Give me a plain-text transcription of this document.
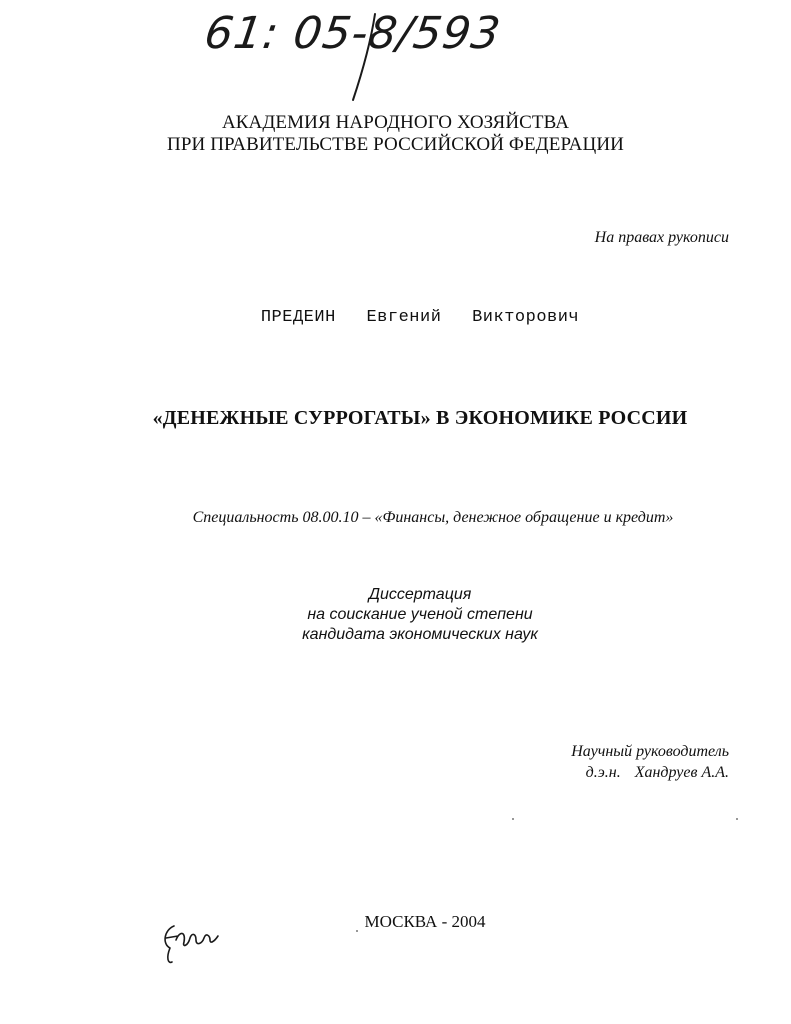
61: 05-8/593
АКАДЕМИЯ НАРОДНОГО ХОЗЯЙСТВА
ПРИ ПРАВИТЕЛЬСТВЕ РОССИЙСКОЙ ФЕДЕРАЦИИ
На правах рукописи
ПРЕДЕИН Евгений Викторович
«ДЕНЕЖНЫЕ СУРРОГАТЫ» В ЭКОНОМИКЕ РОССИИ
Специальность 08.00.10 – «Финансы, денежное обращение и кредит»
Диссертация
на соискание ученой степени
кандидата экономических наук
Научный руководитель
д.э.н. Хандруев А.А.
МОСКВА - 2004
